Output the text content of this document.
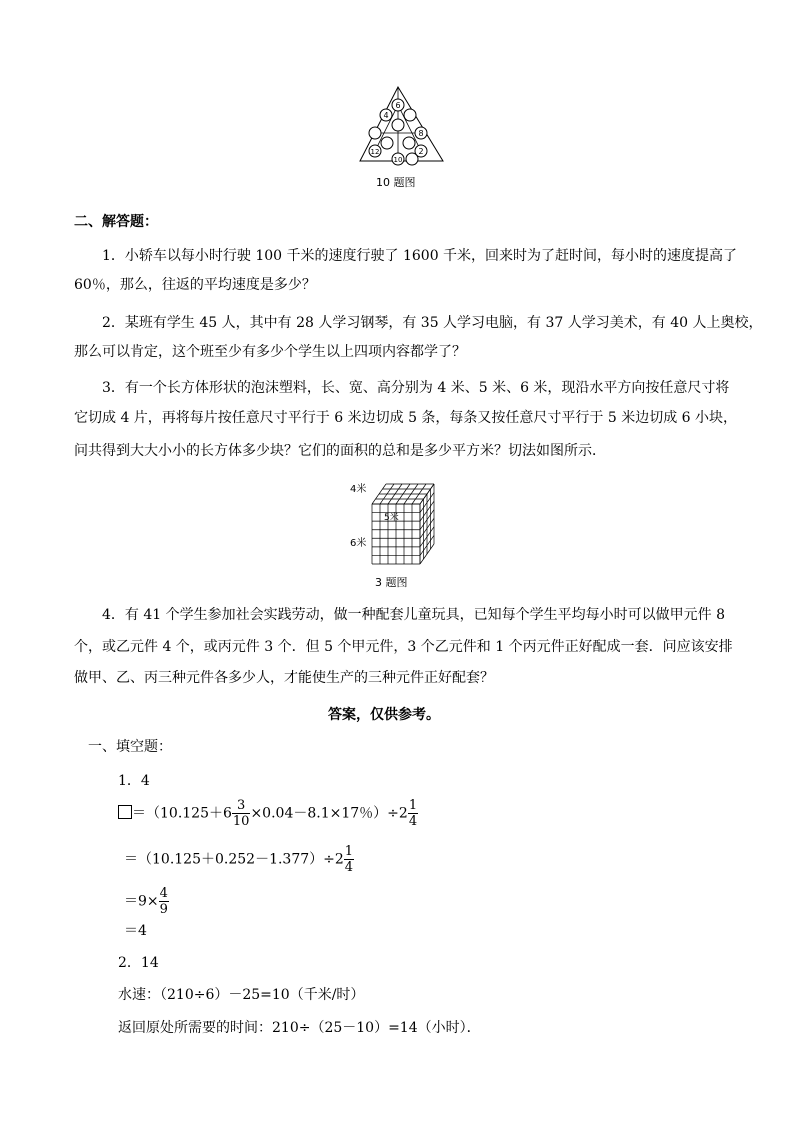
6
4
8
12	2
10
10 题图
二、解答题：
1．小轿车以每小时行驶 100 千米的速度行驶了 1600 千米，回来时为了赶时间，每小时的速度提高了
60％，那么，往返的平均速度是多少？
2．某班有学生 45 人，其中有 28 人学习钢琴，有 35 人学习电脑，有 37 人学习美术，有 40 人上奥校，
那么可以肯定，这个班至少有多少个学生以上四项内容都学了？
3．有一个长方体形状的泡沫塑料，长、宽、高分别为 4 米、5 米、6 米，现沿水平方向按任意尺寸将
它切成 4 片，再将每片按任意尺寸平行于 6 米边切成 5 条，每条又按任意尺寸平行于 5 米边切成 6 小块，
问共得到大大小小的长方体多少块？它们的面积的总和是多少平方米？切法如图所示．
4米
5米
6米
3 题图
4．有 41 个学生参加社会实践劳动，做一种配套儿童玩具，已知每个学生平均每小时可以做甲元件 8
个，或乙元件 4 个，或丙元件 3 个．但 5 个甲元件，3 个乙元件和 1 个丙元件正好配成一套．问应该安排
做甲、乙、丙三种元件各多少人，才能使生产的三种元件正好配套？
答案，仅供参考。
一、填空题：
1．4
$=(10.125+6 \frac{3}{10} \times 0.04-8.1\times 17$％）$\div 2 \frac{1}{4}$
$=(10.125+0.252-1.377)\div 2 \frac{1}{4}$
$=9\times \frac{4}{9}$
＝4
2．14
水速：（210÷6）－25=10（千米/时）
返回原处所需要的时间：210÷（25－10）=14（小时）．
